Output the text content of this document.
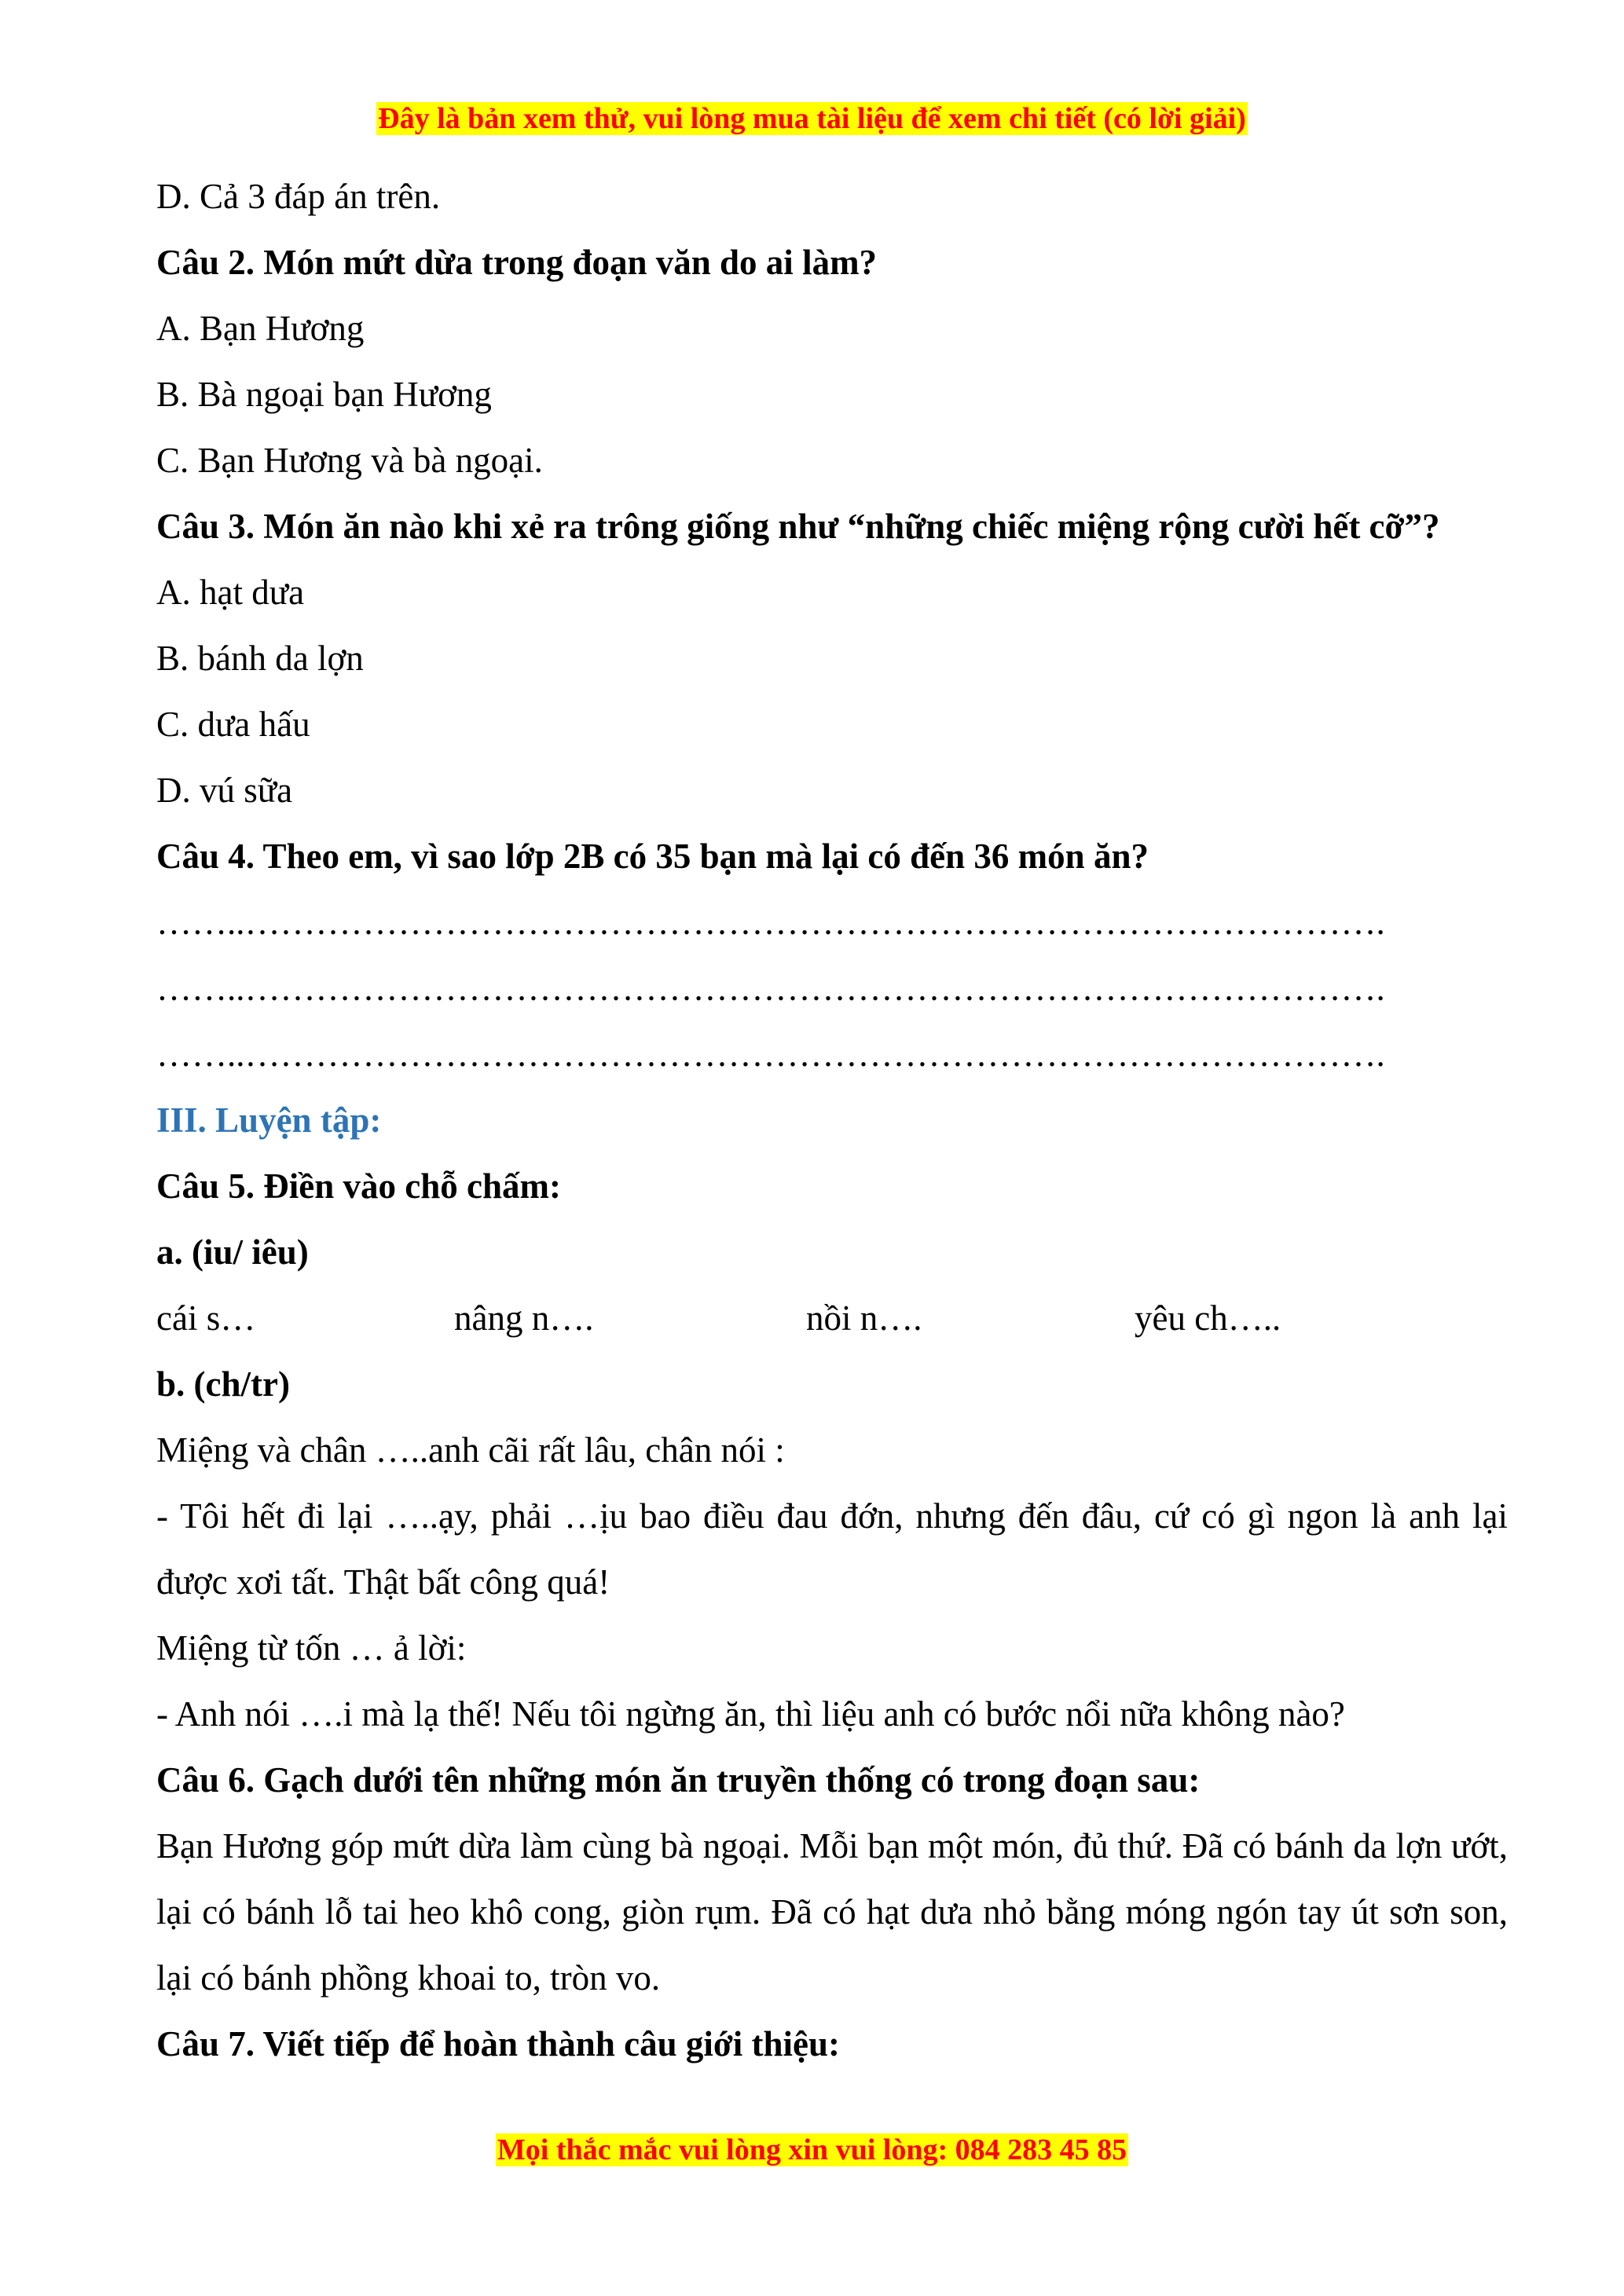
Đây là bản xem thử, vui lòng mua tài liệu để xem chi tiết (có lời giải)

D. Cả 3 đáp án trên.

Câu 2. Món mứt dừa trong đoạn văn do ai làm?

A. Bạn Hương

B. Bà ngoại bạn Hương

C. Bạn Hương và bà ngoại.

Câu 3. Món ăn nào khi xẻ ra trông giống như “những chiếc miệng rộng cười hết cỡ”?

A. hạt dưa

B. bánh da lợn

C. dưa hấu

D. vú sữa

Câu 4. Theo em, vì sao lớp 2B có 35 bạn mà lại có đến 36 món ăn?

……..…………………………………………………………………………………….

……..…………………………………………………………………………………….

……..…………………………………………………………………………………….

III. Luyện tập:

Câu 5. Điền vào chỗ chấm:

a. (iu/ iêu)

cái s…	nâng n….	nồi n….	yêu ch…..

b. (ch/tr)

Miệng và chân …..anh cãi rất lâu, chân nói :

- Tôi hết đi lại …..ạy, phải …ịu bao điều đau đớn, nhưng đến đâu, cứ có gì ngon là anh lại được xơi tất. Thật bất công quá!

Miệng từ tốn … ả lời:

- Anh nói ….i mà lạ thế! Nếu tôi ngừng ăn, thì liệu anh có bước nổi nữa không nào?

Câu 6. Gạch dưới tên những món ăn truyền thống có trong đoạn sau:

Bạn Hương góp mứt dừa làm cùng bà ngoại. Mỗi bạn một món, đủ thứ. Đã có bánh da lợn ướt, lại có bánh lỗ tai heo khô cong, giòn rụm. Đã có hạt dưa nhỏ bằng móng ngón tay út sơn son, lại có bánh phồng khoai to, tròn vo.

Câu 7. Viết tiếp để hoàn thành câu giới thiệu:

Mọi thắc mắc vui lòng xin vui lòng: 084 283 45 85
